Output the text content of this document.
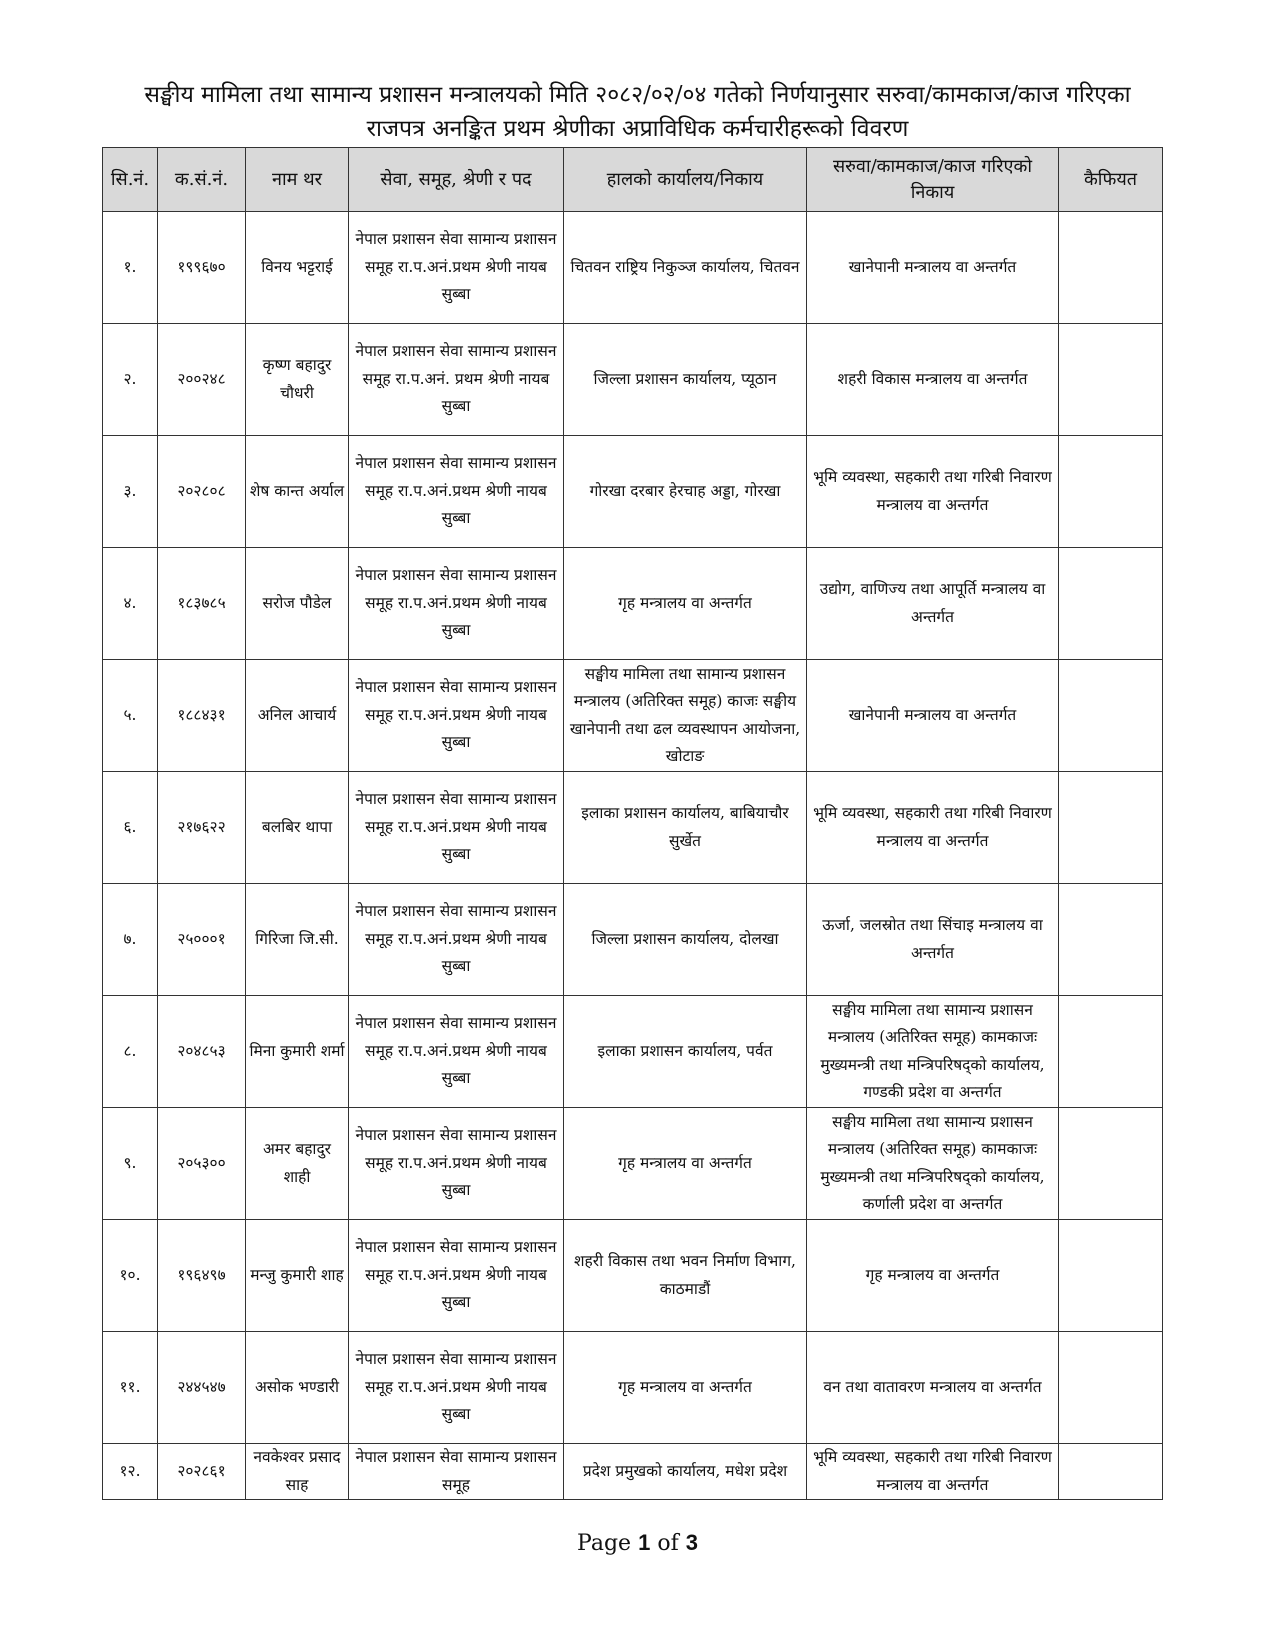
सङ्घीय मामिला तथा सामान्य प्रशासन मन्त्रालयको मिति २०८२/०२/०४ गतेको निर्णयानुसार सरुवा/कामकाज/काज गरिएका
राजपत्र अनङ्कित प्रथम श्रेणीका अप्राविधिक कर्मचारीहरूको विवरण
सि.नं.	क.सं.नं.	नाम थर	सेवा, समूह, श्रेणी र पद	हालको कार्यालय/निकाय	सरुवा/कामकाज/काज गरिएको निकाय	कैफियत
१.	१९९६७०	विनय भट्टराई	नेपाल प्रशासन सेवा सामान्य प्रशासन समूह रा.प.अनं.प्रथम श्रेणी नायब सुब्बा	चितवन राष्ट्रिय निकुञ्ज कार्यालय, चितवन	खानेपानी मन्त्रालय वा अन्तर्गत	
२.	२००२४८	कृष्ण बहादुर चौधरी	नेपाल प्रशासन सेवा सामान्य प्रशासन समूह रा.प.अनं. प्रथम श्रेणी नायब सुब्बा	जिल्ला प्रशासन कार्यालय, प्यूठान	शहरी विकास मन्त्रालय वा अन्तर्गत	
३.	२०२८०८	शेष कान्त अर्याल	नेपाल प्रशासन सेवा सामान्य प्रशासन समूह रा.प.अनं.प्रथम श्रेणी नायब सुब्बा	गोरखा दरबार हेरचाह अड्डा, गोरखा	भूमि व्यवस्था, सहकारी तथा गरिबी निवारण मन्त्रालय वा अन्तर्गत	
४.	१८३७८५	सरोज पौडेल	नेपाल प्रशासन सेवा सामान्य प्रशासन समूह रा.प.अनं.प्रथम श्रेणी नायब सुब्बा	गृह मन्त्रालय वा अन्तर्गत	उद्योग, वाणिज्य तथा आपूर्ति मन्त्रालय वा अन्तर्गत	
५.	१८८४३१	अनिल आचार्य	नेपाल प्रशासन सेवा सामान्य प्रशासन समूह रा.प.अनं.प्रथम श्रेणी नायब सुब्बा	सङ्घीय मामिला तथा सामान्य प्रशासन मन्त्रालय (अतिरिक्त समूह) काजः सङ्घीय खानेपानी तथा ढल व्यवस्थापन आयोजना, खोटाङ	खानेपानी मन्त्रालय वा अन्तर्गत	
६.	२१७६२२	बलबिर थापा	नेपाल प्रशासन सेवा सामान्य प्रशासन समूह रा.प.अनं.प्रथम श्रेणी नायब सुब्बा	इलाका प्रशासन कार्यालय, बाबियाचौर सुर्खेत	भूमि व्यवस्था, सहकारी तथा गरिबी निवारण मन्त्रालय वा अन्तर्गत	
७.	२५०००१	गिरिजा जि.सी.	नेपाल प्रशासन सेवा सामान्य प्रशासन समूह रा.प.अनं.प्रथम श्रेणी नायब सुब्बा	जिल्ला प्रशासन कार्यालय, दोलखा	ऊर्जा, जलस्रोत तथा सिंचाइ मन्त्रालय वा अन्तर्गत	
८.	२०४८५३	मिना कुमारी शर्मा	नेपाल प्रशासन सेवा सामान्य प्रशासन समूह रा.प.अनं.प्रथम श्रेणी नायब सुब्बा	इलाका प्रशासन कार्यालय, पर्वत	सङ्घीय मामिला तथा सामान्य प्रशासन मन्त्रालय (अतिरिक्त समूह) कामकाजः मुख्यमन्त्री तथा मन्त्रिपरिषद्को कार्यालय, गण्डकी प्रदेश वा अन्तर्गत	
९.	२०५३००	अमर बहादुर शाही	नेपाल प्रशासन सेवा सामान्य प्रशासन समूह रा.प.अनं.प्रथम श्रेणी नायब सुब्बा	गृह मन्त्रालय वा अन्तर्गत	सङ्घीय मामिला तथा सामान्य प्रशासन मन्त्रालय (अतिरिक्त समूह) कामकाजः मुख्यमन्त्री तथा मन्त्रिपरिषद्को कार्यालय, कर्णाली प्रदेश वा अन्तर्गत	
१०.	१९६४९७	मन्जु कुमारी शाह	नेपाल प्रशासन सेवा सामान्य प्रशासन समूह रा.प.अनं.प्रथम श्रेणी नायब सुब्बा	शहरी विकास तथा भवन निर्माण विभाग, काठमाडौं	गृह मन्त्रालय वा अन्तर्गत	
११.	२४४५४७	असोक भण्डारी	नेपाल प्रशासन सेवा सामान्य प्रशासन समूह रा.प.अनं.प्रथम श्रेणी नायब सुब्बा	गृह मन्त्रालय वा अन्तर्गत	वन तथा वातावरण मन्त्रालय वा अन्तर्गत	
१२.	२०२८६१	नवकेश्वर प्रसाद साह	नेपाल प्रशासन सेवा सामान्य प्रशासन समूह	प्रदेश प्रमुखको कार्यालय, मधेश प्रदेश	भूमि व्यवस्था, सहकारी तथा गरिबी निवारण मन्त्रालय वा अन्तर्गत	
Page 1 of 3
